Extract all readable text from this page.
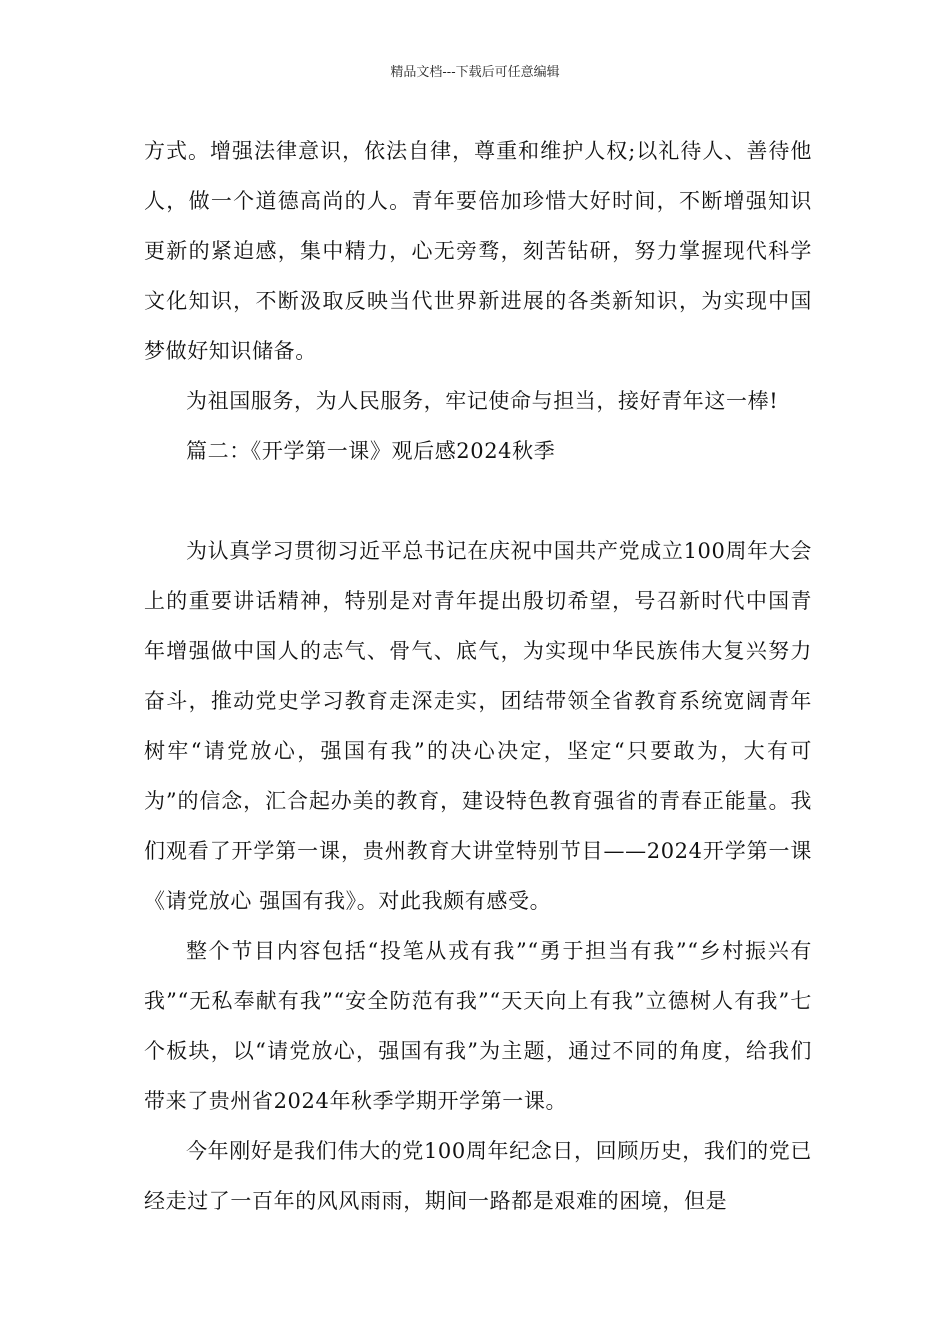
精品文档---下载后可任意编辑

方式。增强法律意识，依法自律，尊重和维护人权;以礼待人、善待他人，做一个道德高尚的人。青年要倍加珍惜大好时间，不断增强知识更新的紧迫感，集中精力，心无旁骛，刻苦钻研，努力掌握现代科学文化知识，不断汲取反映当代世界新进展的各类新知识，为实现中国梦做好知识储备。

为祖国服务，为人民服务，牢记使命与担当，接好青年这一棒!

篇二：《开学第一课》观后感2024秋季

为认真学习贯彻习近平总书记在庆祝中国共产党成立100周年大会上的重要讲话精神，特别是对青年提出殷切希望，号召新时代中国青年增强做中国人的志气、骨气、底气，为实现中华民族伟大复兴努力奋斗，推动党史学习教育走深走实，团结带领全省教育系统宽阔青年树牢“请党放心，强国有我”的决心决定，坚定“只要敢为，大有可为”的信念，汇合起办美的教育，建设特色教育强省的青春正能量。我们观看了开学第一课，贵州教育大讲堂特别节目——2024开学第一课《请党放心 强国有我》。对此我颇有感受。

整个节目内容包括“投笔从戎有我”“勇于担当有我”“乡村振兴有我”“无私奉献有我”“安全防范有我”“天天向上有我”立德树人有我”七个板块，以“请党放心，强国有我”为主题，通过不同的角度，给我们带来了贵州省2024年秋季学期开学第一课。

今年刚好是我们伟大的党100周年纪念日，回顾历史，我们的党已经走过了一百年的风风雨雨，期间一路都是艰难的困境，但是
